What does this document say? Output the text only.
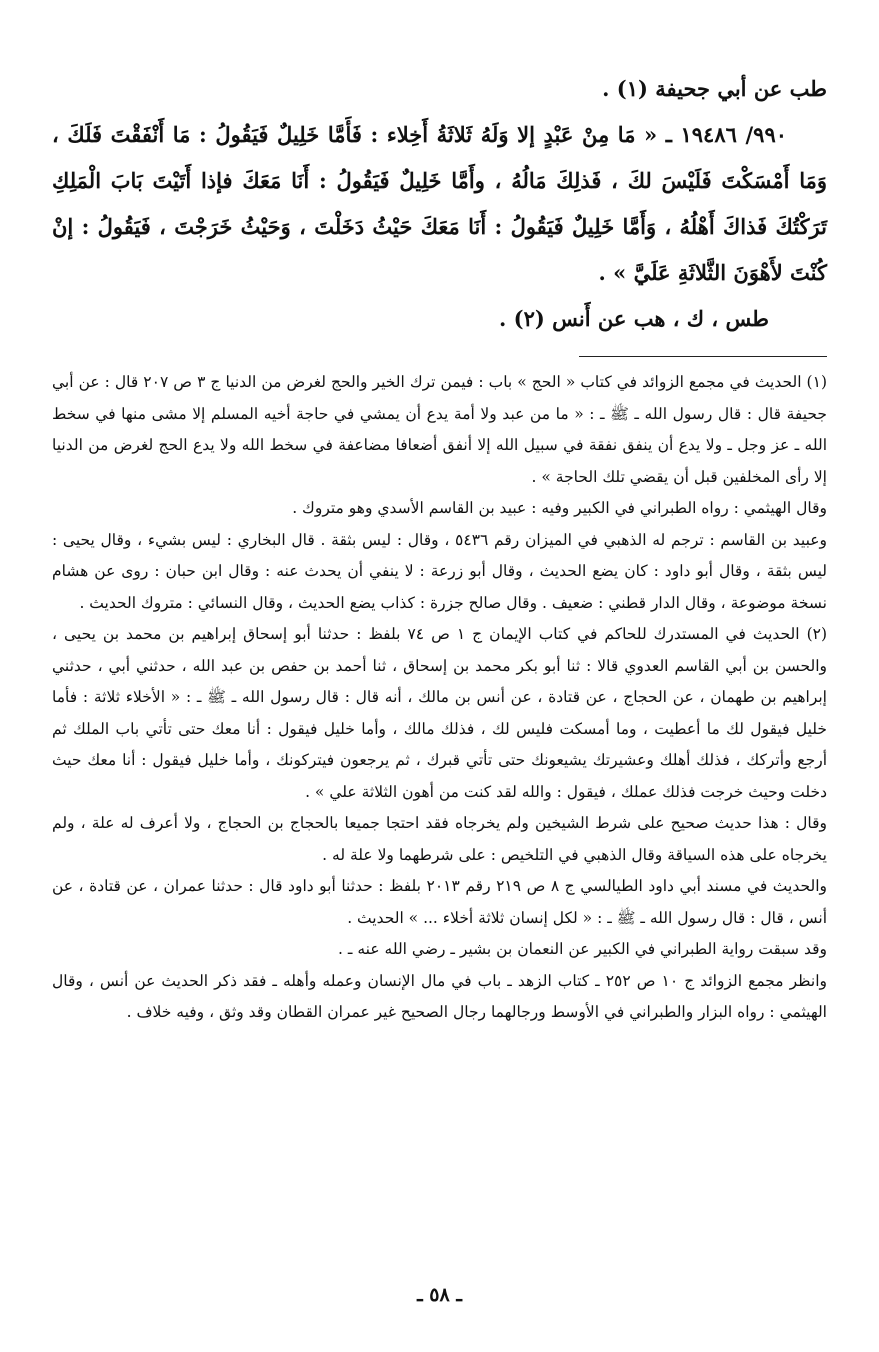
طب عن أبي جحيفة (١) .

٩٩٠/ ١٩٤٨٦ ـ « مَا مِنْ عَبْدٍ إلا وَلَهُ ثَلاثَةُ أَخِلاء : فَأَمَّا خَلِيلٌ فَيَقُولُ : مَا أَنْفَقْتَ فَلَكَ ، وَمَا أَمْسَكْتَ فَلَيْسَ لكَ ، فَذلِكَ مَالُهُ ، وأَمَّا خَلِيلٌ فَيَقُولُ : أَنَا مَعَكَ فإذا أَتَيْتَ بَابَ الْمَلِكِ تَرَكْتُكَ فَذاكَ أَهْلُهُ ، وَأَمَّا خَلِيلٌ فَيَقُولُ : أَنَا مَعَكَ حَيْثُ دَخَلْتَ ، وَحَيْثُ خَرَجْتَ ، فَيَقُولُ : إنْ كُنْتَ لأَهْوَنَ الثَّلاثَةِ عَلَيَّ » .

طس ، ك ، هب عن أَنس (٢) .

(١) الحديث في مجمع الزوائد في كتاب « الحج » باب : فيمن ترك الخير والحج لغرض من الدنيا ج ٣ ص ٢٠٧ قال : عن أبي جحيفة قال : قال رسول الله ـ ﷺ ـ : « ما من عبد ولا أمة يدع أن يمشي في حاجة أخيه المسلم إلا مشى منها في سخط الله ـ عز وجل ـ ولا يدع أن ينفق نفقة في سبيل الله إلا أنفق أضعافا مضاعفة في سخط الله ولا يدع الحج لغرض من الدنيا إلا رأى المخلفين قبل أن يقضي تلك الحاجة » .

وقال الهيثمي : رواه الطبراني في الكبير وفيه : عبيد بن القاسم الأسدي وهو متروك .

وعبيد بن القاسم : ترجم له الذهبي في الميزان رقم ٥٤٣٦ ، وقال : ليس بثقة . قال البخاري : ليس بشيء ، وقال يحيى : ليس بثقة ، وقال أبو داود : كان يضع الحديث ، وقال أبو زرعة : لا ينفي أن يحدث عنه : وقال ابن حبان : روى عن هشام نسخة موضوعة ، وقال الدار قطني : ضعيف . وقال صالح جزرة : كذاب يضع الحديث ، وقال النسائي : متروك الحديث .

(٢) الحديث في المستدرك للحاكم في كتاب الإيمان ج ١ ص ٧٤ بلفظ : حدثنا أبو إسحاق إبراهيم بن محمد بن يحيى ، والحسن بن أبي القاسم العدوي قالا : ثنا أبو بكر محمد بن إسحاق ، ثنا أحمد بن حفص بن عبد الله ، حدثني أبي ، حدثني إبراهيم بن طهمان ، عن الحجاج ، عن قتادة ، عن أنس بن مالك ، أنه قال : قال رسول الله ـ ﷺ ـ : « الأخلاء ثلاثة : فأما خليل فيقول لك ما أعطيت ، وما أمسكت فليس لك ، فذلك مالك ، وأما خليل فيقول : أنا معك حتى تأتي باب الملك ثم أرجع وأتركك ، فذلك أهلك وعشيرتك يشيعونك حتى تأتي قبرك ، ثم يرجعون فيتركونك ، وأما خليل فيقول : أنا معك حيث دخلت وحيث خرجت فذلك عملك ، فيقول : والله لقد كنت من أهون الثلاثة علي » .

وقال : هذا حديث صحيح على شرط الشيخين ولم يخرجاه فقد احتجا جميعا بالحجاج بن الحجاج ، ولا أعرف له علة ، ولم يخرجاه على هذه السياقة وقال الذهبي في التلخيص : على شرطهما ولا علة له .

والحديث في مسند أبي داود الطيالسي ج ٨ ص ٢١٩ رقم ٢٠١٣ بلفظ : حدثنا أبو داود قال : حدثنا عمران ، عن قتادة ، عن أنس ، قال : قال رسول الله ـ ﷺ ـ : « لكل إنسان ثلاثة أخلاء ... » الحديث .

وقد سبقت رواية الطبراني في الكبير عن النعمان بن بشير ـ رضي الله عنه ـ .

وانظر مجمع الزوائد ج ١٠ ص ٢٥٢ ـ كتاب الزهد ـ باب في مال الإنسان وعمله وأهله ـ فقد ذكر الحديث عن أنس ، وقال الهيثمي : رواه البزار والطبراني في الأوسط ورجالهما رجال الصحيح غير عمران القطان وقد وثق ، وفيه خلاف .

ـ ٥٨ ـ
